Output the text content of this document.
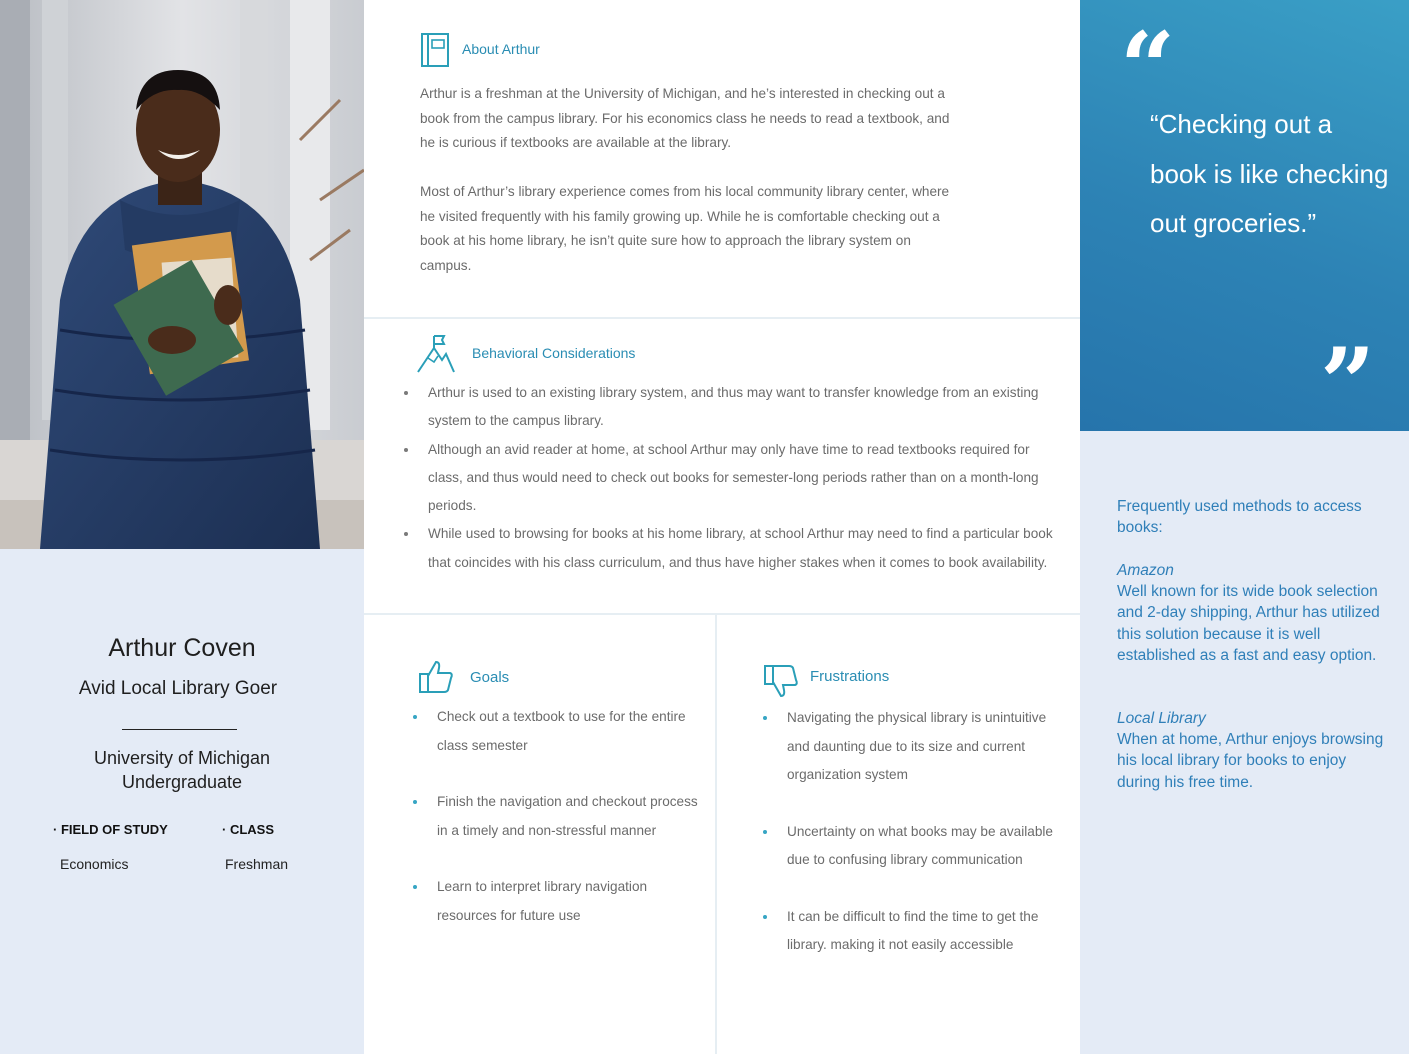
Arthur Coven
Avid Local Library Goer
University of Michigan
Undergraduate
· FIELD OF STUDY	· CLASS
Economics	Freshman
About Arthur
Arthur is a freshman at the University of Michigan, and he’s interested in checking out a book from the campus library. For his economics class he needs to read a textbook, and he is curious if textbooks are available at the library.
Most of Arthur’s library experience comes from his local community library center, where he visited frequently with his family growing up. While he is comfortable checking out a book at his home library, he isn’t quite sure how to approach the library system on campus.
Behavioral Considerations
Arthur is used to an existing library system, and thus may want to transfer knowledge from an existing system to the campus library.
Although an avid reader at home, at school Arthur may only have time to read textbooks required for class, and thus would need to check out books for semester-long periods rather than on a month-long periods.
While used to browsing for books at his home library, at school Arthur may need to find a particular book that coincides with his class curriculum, and thus have higher stakes when it comes to book availability.
Goals
Check out a textbook to use for the entire class semester
Finish the navigation and checkout process in a timely and non-stressful manner
Learn to interpret library navigation resources for future use
Frustrations
Navigating the physical library is unintuitive and daunting due to its size and current organization system
Uncertainty on what books may be available due to confusing library communication
It can be difficult to find the time to get the library. making it not easily accessible
“
“Checking out a book is like checking out groceries.”
”
Frequently used methods to access books:
Amazon
Well known for its wide book selection and 2-day shipping, Arthur has utilized this solution because it is well established as a fast and easy option.
Local Library
When at home, Arthur enjoys browsing his local library for books to enjoy during his free time.
